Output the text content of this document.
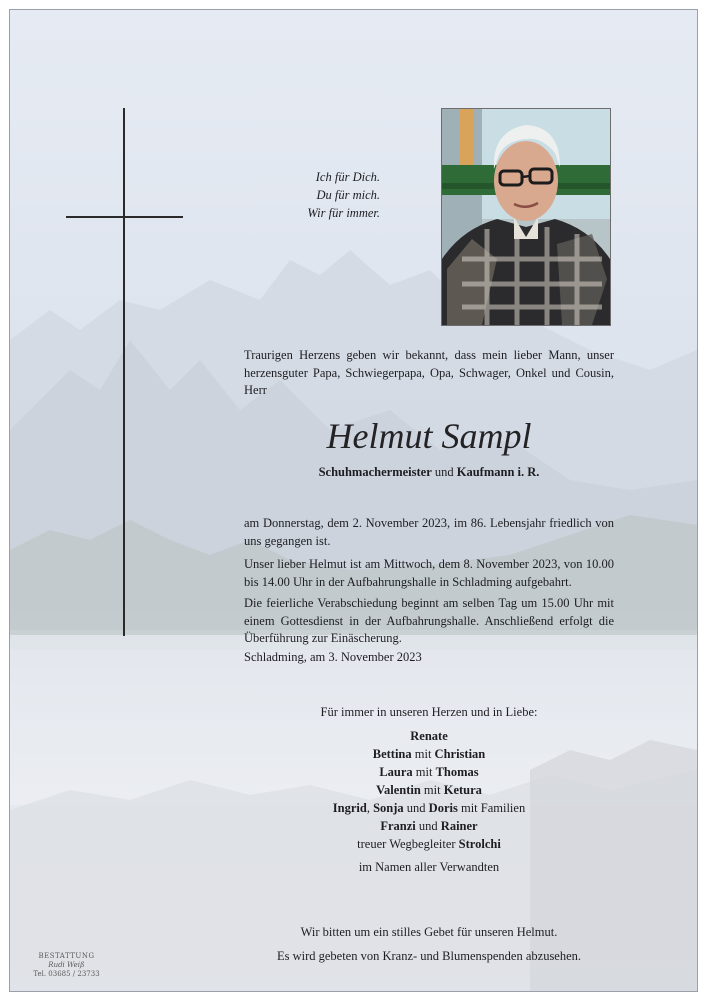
Ich für Dich.
Du für mich.
Wir für immer.
Traurigen Herzens geben wir bekannt, dass mein lieber Mann, unser herzensguter Papa, Schwiegerpapa, Opa, Schwager, Onkel und Cousin, Herr
Helmut Sampl
Schuhmachermeister und Kaufmann i. R.
am Donnerstag, dem 2. November 2023, im 86. Lebensjahr friedlich von uns gegangen ist.
Unser lieber Helmut ist am Mittwoch, dem 8. November 2023, von 10.00 bis 14.00 Uhr in der Aufbahrungshalle in Schladming aufgebahrt.
Die feierliche Verabschiedung beginnt am selben Tag um 15.00 Uhr mit einem Gottesdienst in der Aufbahrungshalle. Anschließend erfolgt die Überführung zur Einäscherung.
Schladming, am 3. November 2023
Für immer in unseren Herzen und in Liebe:
Renate
Bettina mit Christian
Laura mit Thomas
Valentin mit Ketura
Ingrid, Sonja und Doris mit Familien
Franzi und Rainer
treuer Wegbegleiter Strolchi
im Namen aller Verwandten
Wir bitten um ein stilles Gebet für unseren Helmut.
Es wird gebeten von Kranz- und Blumenspenden abzusehen.
BESTATTUNG
Rudi Weiß
Tel. 03685 / 23733
